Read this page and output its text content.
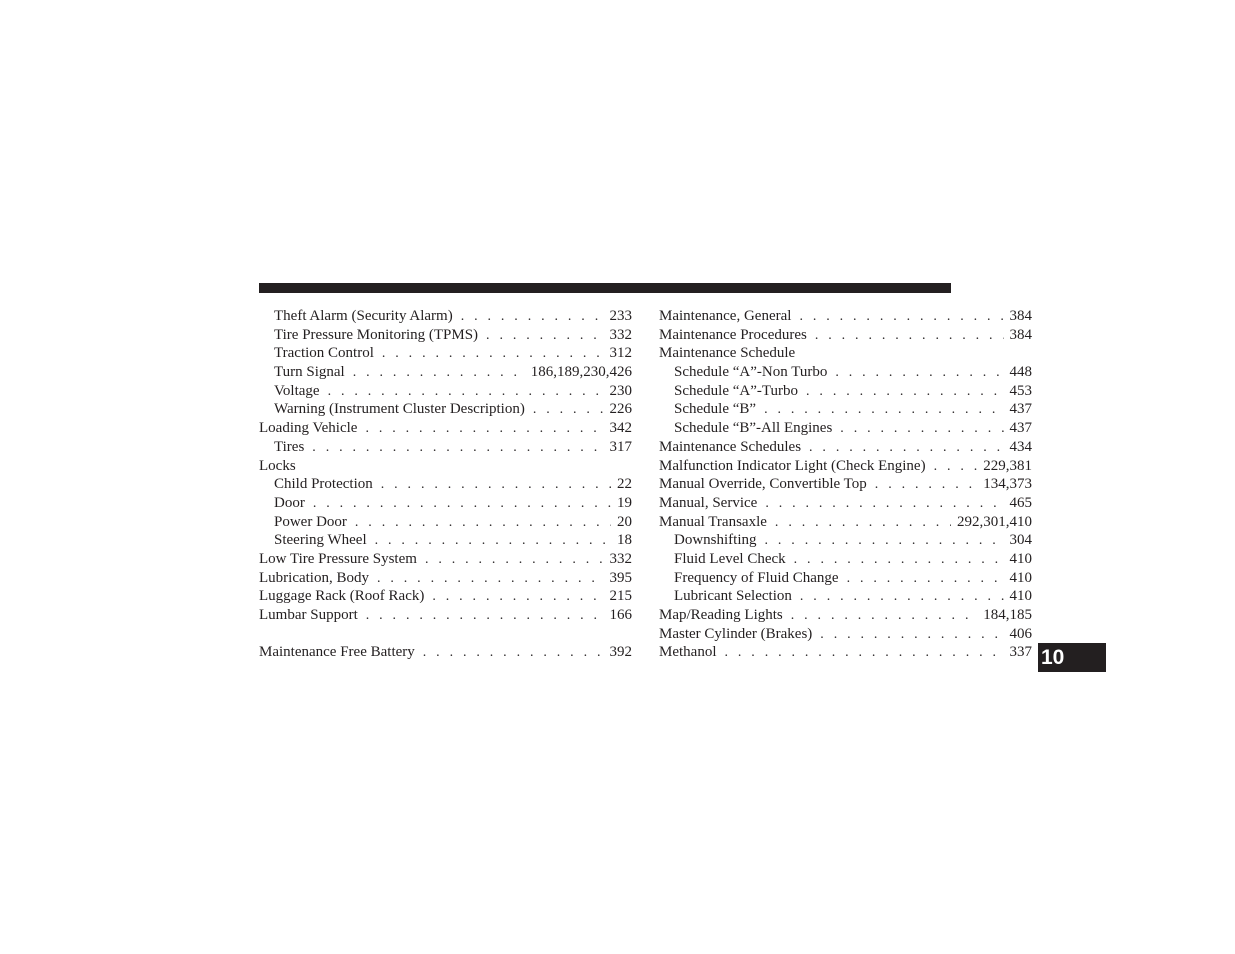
Theft Alarm (Security Alarm) . . .	233
Tire Pressure Monitoring (TPMS) . . .	332
Traction Control . . .	312
Turn Signal . . .	186,189,230,426
Voltage . . .	230
Warning (Instrument Cluster Description) . . .	226
Loading Vehicle . . .	342
Tires . . .	317
Locks
Child Protection . . .	22
Door . . .	19
Power Door . . .	20
Steering Wheel . . .	18
Low Tire Pressure System . . .	332
Lubrication, Body . . .	395
Luggage Rack (Roof Rack) . . .	215
Lumbar Support . . .	166
Maintenance Free Battery . . .	392
Maintenance, General . . .	384
Maintenance Procedures . . .	384
Maintenance Schedule
Schedule “A”-Non Turbo . . .	448
Schedule “A”-Turbo . . .	453
Schedule “B” . . .	437
Schedule “B”-All Engines . . .	437
Maintenance Schedules . . .	434
Malfunction Indicator Light (Check Engine) . . .	229,381
Manual Override, Convertible Top . . .	134,373
Manual, Service . . .	465
Manual Transaxle . . .	292,301,410
Downshifting . . .	304
Fluid Level Check . . .	410
Frequency of Fluid Change . . .	410
Lubricant Selection . . .	410
Map/Reading Lights . . .	184,185
Master Cylinder (Brakes) . . .	406
Methanol . . .	337 10
